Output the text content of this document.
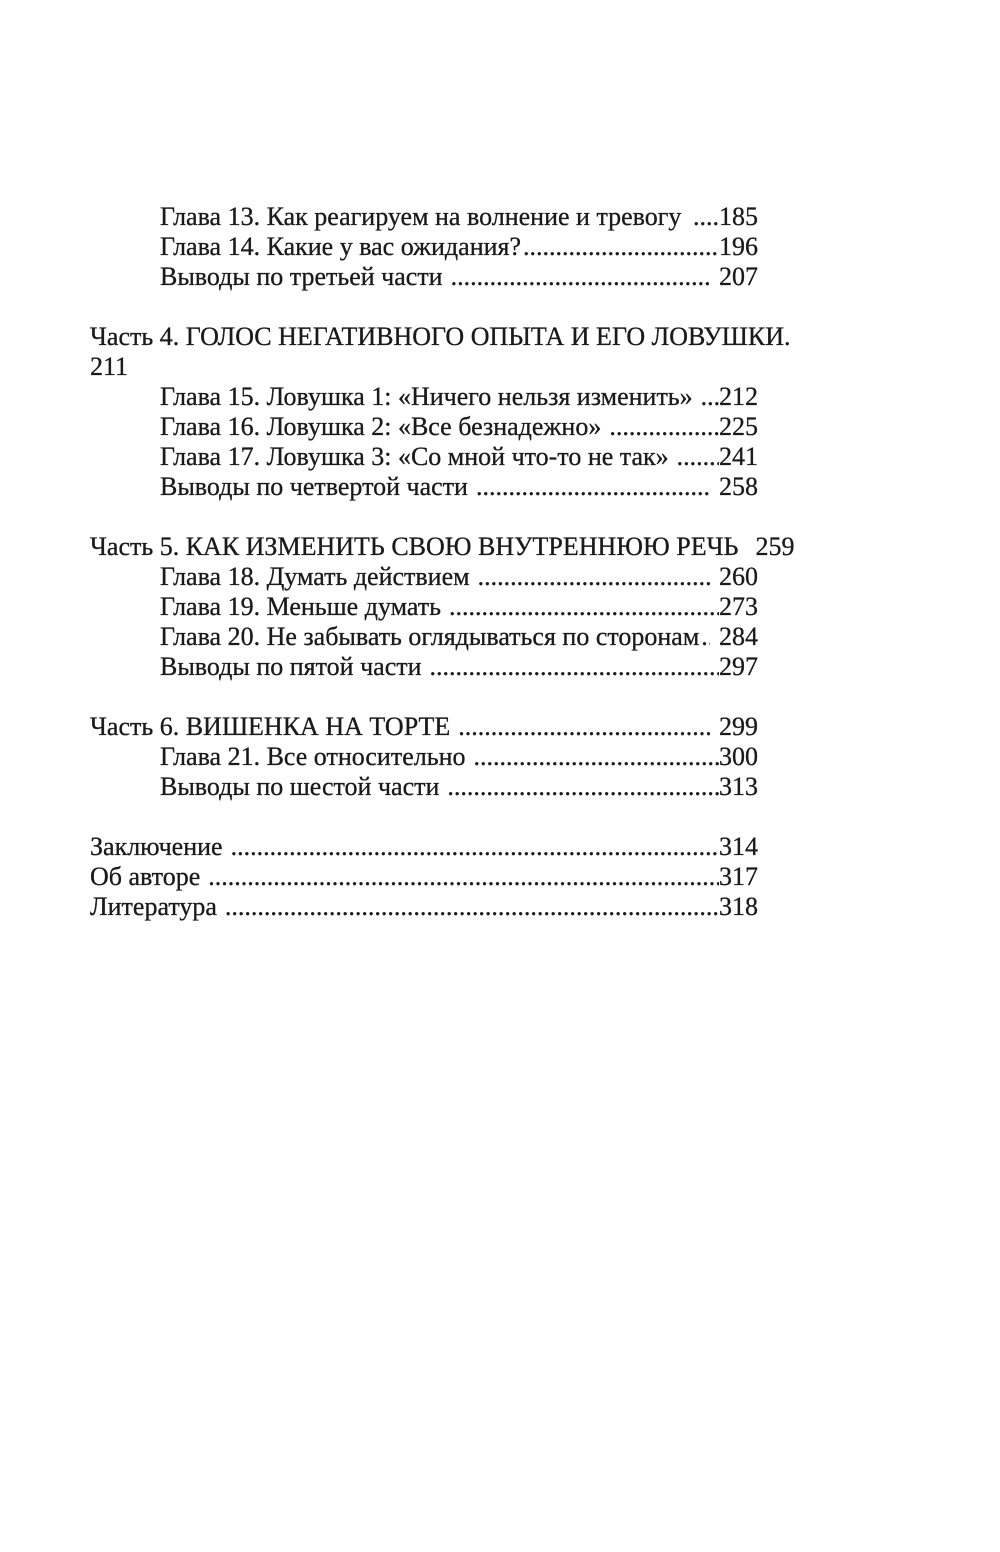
Глава 13. Как реагируем на волнение и тревогу .... 185
Глава 14. Какие у вас ожидания? .....	196
Выводы по третьей части .....	207
Часть 4. ГОЛОС НЕГАТИВНОГО ОПЫТА И ЕГО ЛОВУШКИ .
211
Глава 15. Ловушка 1: «Ничего нельзя изменить» ..... 212
Глава 16. Ловушка 2: «Все безнадежно» .....	225
Глава 17. Ловушка 3: «Со мной что-то не так» ..... 241
Выводы по четвертой части .....	258
Часть 5. КАК ИЗМЕНИТЬ СВОЮ ВНУТРЕННЮЮ РЕЧЬ ..... 259
Глава 18. Думать действием .....	260
Глава 19. Меньше думать .....	273
Глава 20. Не забывать оглядываться по сторонам ..... 284
Выводы по пятой части .....	297
Часть 6. ВИШЕНКА НА ТОРТЕ .....	299
Глава 21. Все относительно .....	300
Выводы по шестой части .....	313
Заключение .....	314
Об авторе .....	317
Литература .....	318
